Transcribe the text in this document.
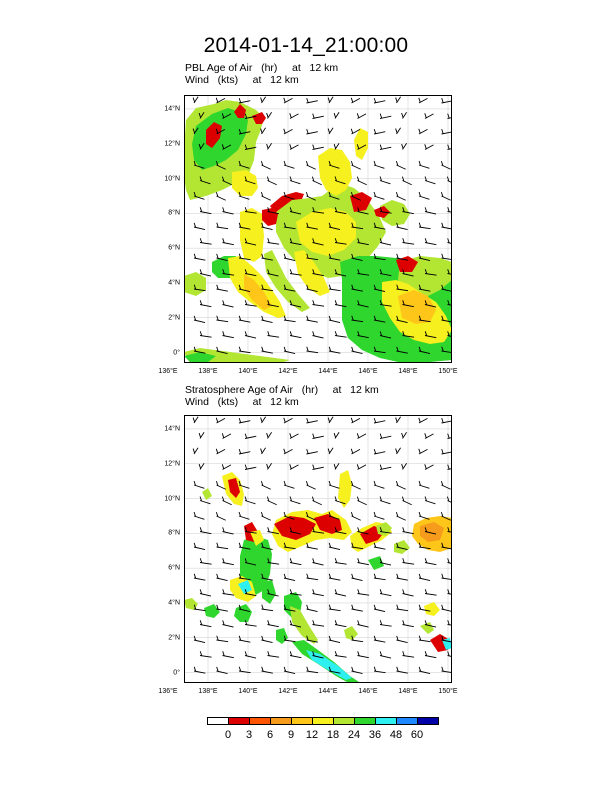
2014-01-14_21:00:00
PBL Age of Air   (hr)     at   12 km
Wind   (kts)     at   12 km
136°E	138°E	140°E	142°E	144°E	146°E	148°E	150°E
0°
2°N
4°N
6°N
8°N
10°N
12°N
14°N
Stratosphere Age of Air   (hr)     at   12 km
Wind   (kts)     at   12 km
136°E	138°E	140°E	142°E	144°E	146°E	148°E	150°E
0°
2°N
4°N
6°N
8°N
10°N
12°N
14°N
0 3 6 9 12 18 24 36 48 60
